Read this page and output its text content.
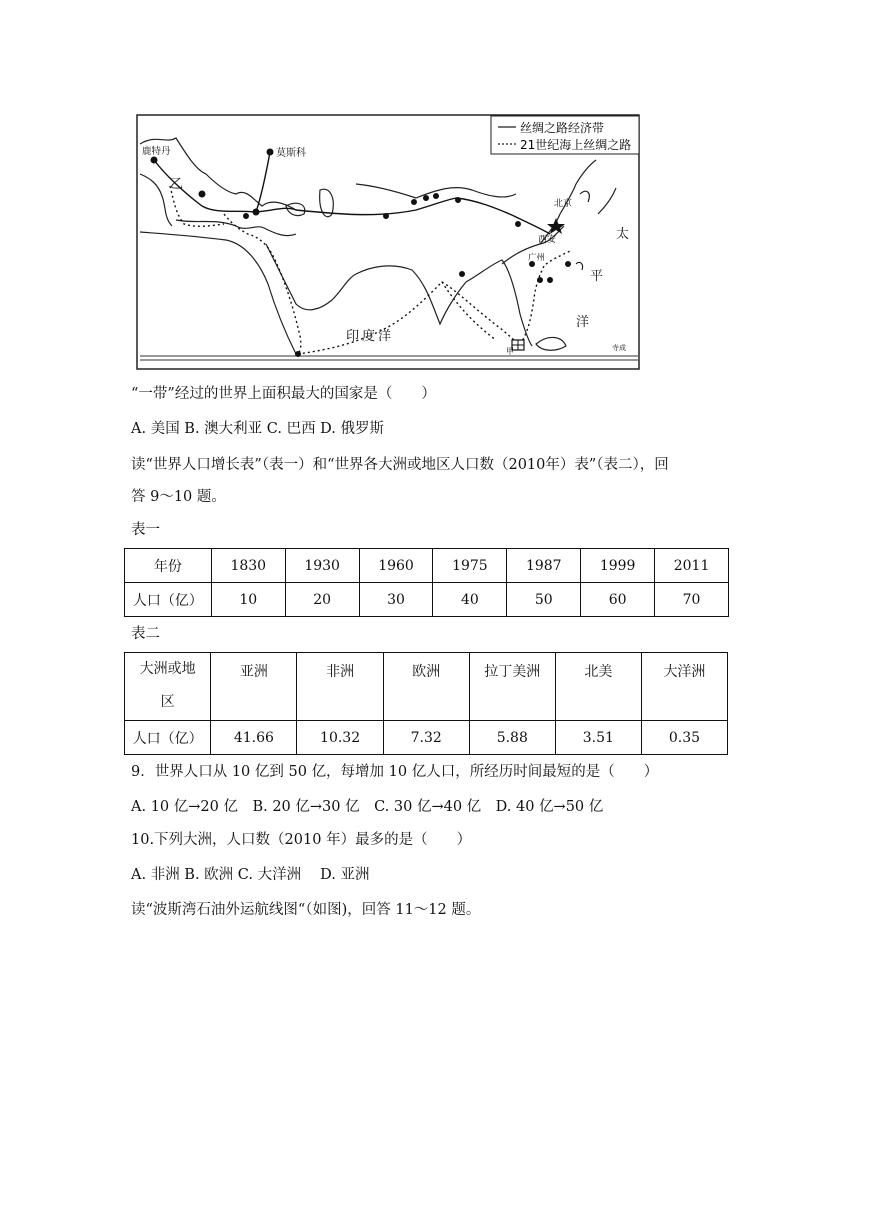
丝绸之路经济带
21世纪海上丝绸之路
鹿特丹	莫斯科
乙
北京
西安
广州
甲
印度洋
太
平
洋
寺成
“一带”经过的世界上面积最大的国家是（　　）
A. 美国 B. 澳大利亚 C. 巴西 D. 俄罗斯
读“世界人口增长表”（表一）和“世界各大洲或地区人口数（2010年）表”（表二），回
答 9～10 题。
表一
年份	1830	1930	1960	1975	1987	1999	2011
人口（亿）	10	20	30	40	50	60	70
表二
大洲或地
区	亚洲	非洲	欧洲	拉丁美洲	北美	大洋洲
人口（亿）	41.66	10.32	7.32	5.88	3.51	0.35
9．世界人口从 10 亿到 50 亿，每增加 10 亿人口，所经历时间最短的是（　　）
A. 10 亿→20 亿　B. 20 亿→30 亿　C. 30 亿→40 亿　D. 40 亿→50 亿
10.下列大洲，人口数（2010 年）最多的是（　　）
A. 非洲 B. 欧洲 C. 大洋洲　 D. 亚洲
读“波斯湾石油外运航线图“（如图)，回答 11～12 题。
